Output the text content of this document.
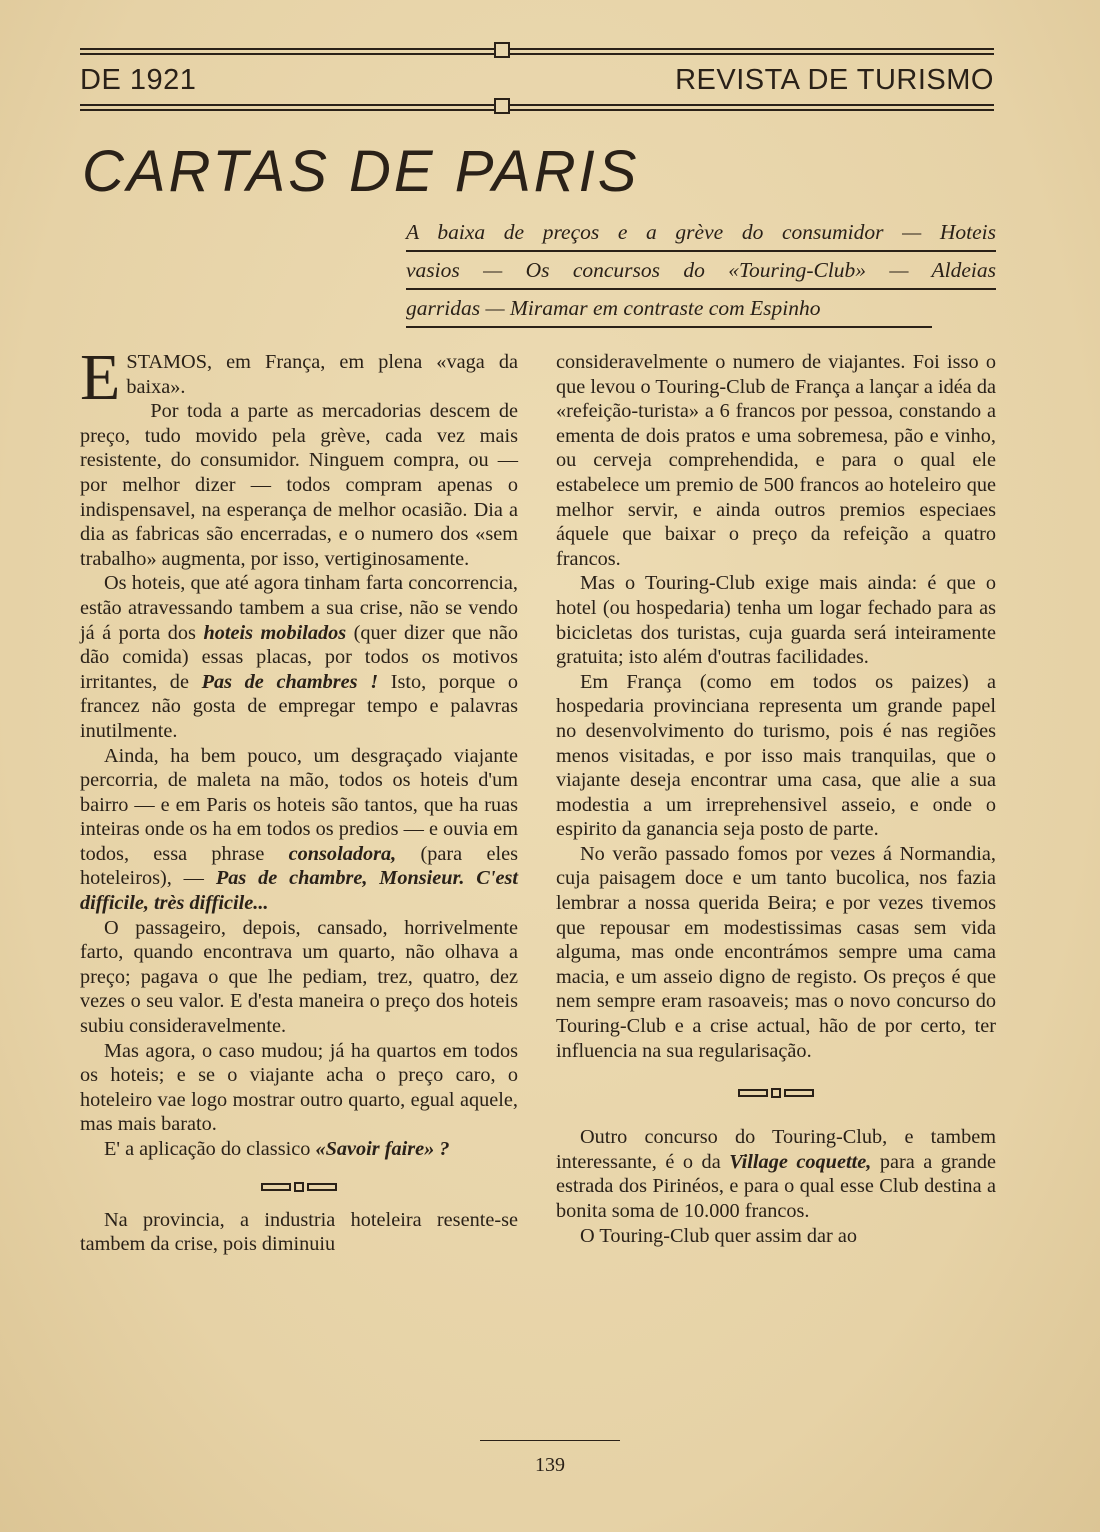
DE 1921	REVISTA DE TURISMO
CARTAS DE PARIS
A baixa de preços e a grève do consumidor — Hoteis
vasios — Os concursos do «Touring-Club» — Aldeias
garridas — Miramar em contraste com Espinho

ESTAMOS, em França, em plena «vaga da baixa».

Por toda a parte as mercadorias descem de preço, tudo movido pela grève, cada vez mais resistente, do consumidor. Ninguem compra, ou — por melhor dizer — todos compram apenas o indispensavel, na esperança de melhor ocasião. Dia a dia as fabricas são encerradas, e o numero dos «sem trabalho» augmenta, por isso, vertiginosamente.

Os hoteis, que até agora tinham farta concorrencia, estão atravessando tambem a sua crise, não se vendo já á porta dos hoteis mobilados (quer dizer que não dão comida) essas placas, por todos os motivos irritantes, de Pas de chambres ! Isto, porque o francez não gosta de empregar tempo e palavras inutilmente.

Ainda, ha bem pouco, um desgraçado viajante percorria, de maleta na mão, todos os hoteis d'um bairro — e em Paris os hoteis são tantos, que ha ruas inteiras onde os ha em todos os predios — e ouvia em todos, essa phrase consoladora, (para eles hoteleiros), — Pas de chambre, Monsieur. C'est difficile, très difficile...

O passageiro, depois, cansado, horrivelmente farto, quando encontrava um quarto, não olhava a preço; pagava o que lhe pediam, trez, quatro, dez vezes o seu valor. E d'esta maneira o preço dos hoteis subiu consideravelmente.

Mas agora, o caso mudou; já ha quartos em todos os hoteis; e se o viajante acha o preço caro, o hoteleiro vae logo mostrar outro quarto, egual aquele, mas mais barato.

E' a aplicação do classico «Savoir faire» ?

Na provincia, a industria hoteleira resente-se tambem da crise, pois diminuiu

consideravelmente o numero de viajantes. Foi isso o que levou o Touring-Club de França a lançar a idéa da «refeição-turista» a 6 francos por pessoa, constando a ementa de dois pratos e uma sobremesa, pão e vinho, ou cerveja comprehendida, e para o qual ele estabelece um premio de 500 francos ao hoteleiro que melhor servir, e ainda outros premios especiaes áquele que baixar o preço da refeição a quatro francos.

Mas o Touring-Club exige mais ainda: é que o hotel (ou hospedaria) tenha um logar fechado para as bicicletas dos turistas, cuja guarda será inteiramente gratuita; isto além d'outras facilidades.

Em França (como em todos os paizes) a hospedaria provinciana representa um grande papel no desenvolvimento do turismo, pois é nas regiões menos visitadas, e por isso mais tranquilas, que o viajante deseja encontrar uma casa, que alie a sua modestia a um irreprehensivel asseio, e onde o espirito da ganancia seja posto de parte.

No verão passado fomos por vezes á Normandia, cuja paisagem doce e um tanto bucolica, nos fazia lembrar a nossa querida Beira; e por vezes tivemos que repousar em modestissimas casas sem vida alguma, mas onde encontrámos sempre uma cama macia, e um asseio digno de registo. Os preços é que nem sempre eram rasoaveis; mas o novo concurso do Touring-Club e a crise actual, hão de por certo, ter influencia na sua regularisação.

Outro concurso do Touring-Club, e tambem interessante, é o da Village coquette, para a grande estrada dos Pirinéos, e para o qual esse Club destina a bonita soma de 10.000 francos.

O Touring-Club quer assim dar ao

139
